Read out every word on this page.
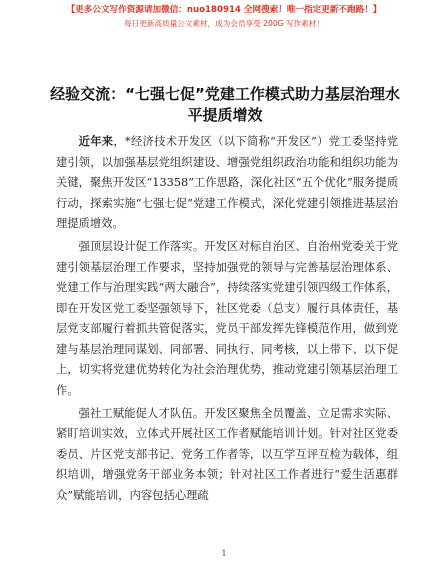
【更多公文写作资源请加微信：nuo180914 全网搜索！唯一指定更新不跑路！】
每日更新高质量公文素材，成为会员享受 200G 写作素材！
经验交流：“七强七促”党建工作模式助力基层治理水平提质增效

近年来，*经济技术开发区（以下简称“开发区”）党工委坚持党建引领，以加强基层党组织建设、增强党组织政治功能和组织功能为关键，聚焦开发区“13358”工作思路，深化社区“五个优化”服务提质行动，探索实施“七强七促”党建工作模式，深化党建引领推进基层治理提质增效。

强顶层设计促工作落实。开发区对标自治区、自治州党委关于党建引领基层治理工作要求，坚持加强党的领导与完善基层治理体系、党建工作与治理实践“两大融合”，持续落实党建引领四级工作体系，即在开发区党工委坚强领导下，社区党委（总支）履行具体责任，基层党支部履行着抓共管促落实，党员干部发挥先锋模范作用，做到党建与基层治理同谋划、同部署、同执行、同考核，以上带下、以下促上，切实将党建优势转化为社会治理优势，推动党建引领基层治理工作。

强社工赋能促人才队伍。开发区聚焦全员覆盖、立足需求实际、紧盯培训实效，立体式开展社区工作者赋能培训计划。针对社区党委委员、片区党支部书记、党务工作者等，以互学互评互检为载体，组织培训，增强党务干部业务本领；针对社区工作者进行“爱生活惠群众”赋能培训，内容包括心理疏

1
